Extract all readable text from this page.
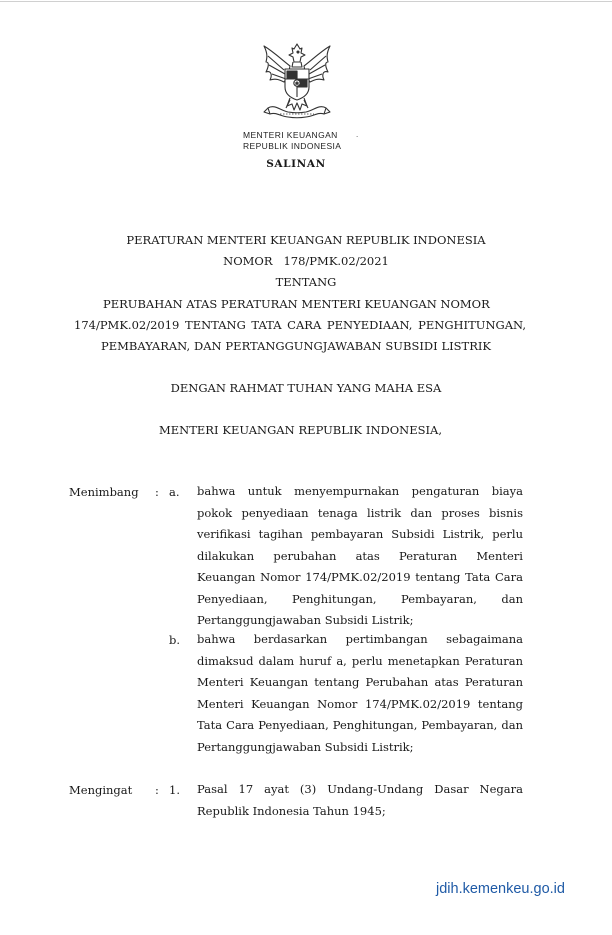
MENTERI KEUANGAN
REPUBLIK INDONESIA
·
SALINAN
PERATURAN MENTERI KEUANGAN REPUBLIK INDONESIA
NOMOR   178/PMK.02/2021
TENTANG
PERUBAHAN ATAS PERATURAN MENTERI KEUANGAN NOMOR
174/PMK.02/2019 TENTANG TATA CARA PENYEDIAAN, PENGHITUNGAN,
PEMBAYARAN, DAN PERTANGGUNGJAWABAN SUBSIDI LISTRIK
DENGAN RAHMAT TUHAN YANG MAHA ESA
MENTERI KEUANGAN REPUBLIK INDONESIA,
Menimbang : a. bahwa untuk menyempurnakan pengaturan biaya
pokok penyediaan tenaga listrik dan proses bisnis
verifikasi tagihan pembayaran Subsidi Listrik, perlu
dilakukan perubahan atas Peraturan Menteri
Keuangan Nomor 174/PMK.02/2019 tentang Tata Cara
Penyediaan, Penghitungan, Pembayaran, dan
Pertanggungjawaban Subsidi Listrik;
b. bahwa berdasarkan pertimbangan sebagaimana
dimaksud dalam huruf a, perlu menetapkan Peraturan
Menteri Keuangan tentang Perubahan atas Peraturan
Menteri Keuangan Nomor 174/PMK.02/2019 tentang
Tata Cara Penyediaan, Penghitungan, Pembayaran, dan
Pertanggungjawaban Subsidi Listrik;
Mengingat : 1. Pasal 17 ayat (3) Undang-Undang Dasar Negara
Republik Indonesia Tahun 1945;
jdih.kemenkeu.go.id
